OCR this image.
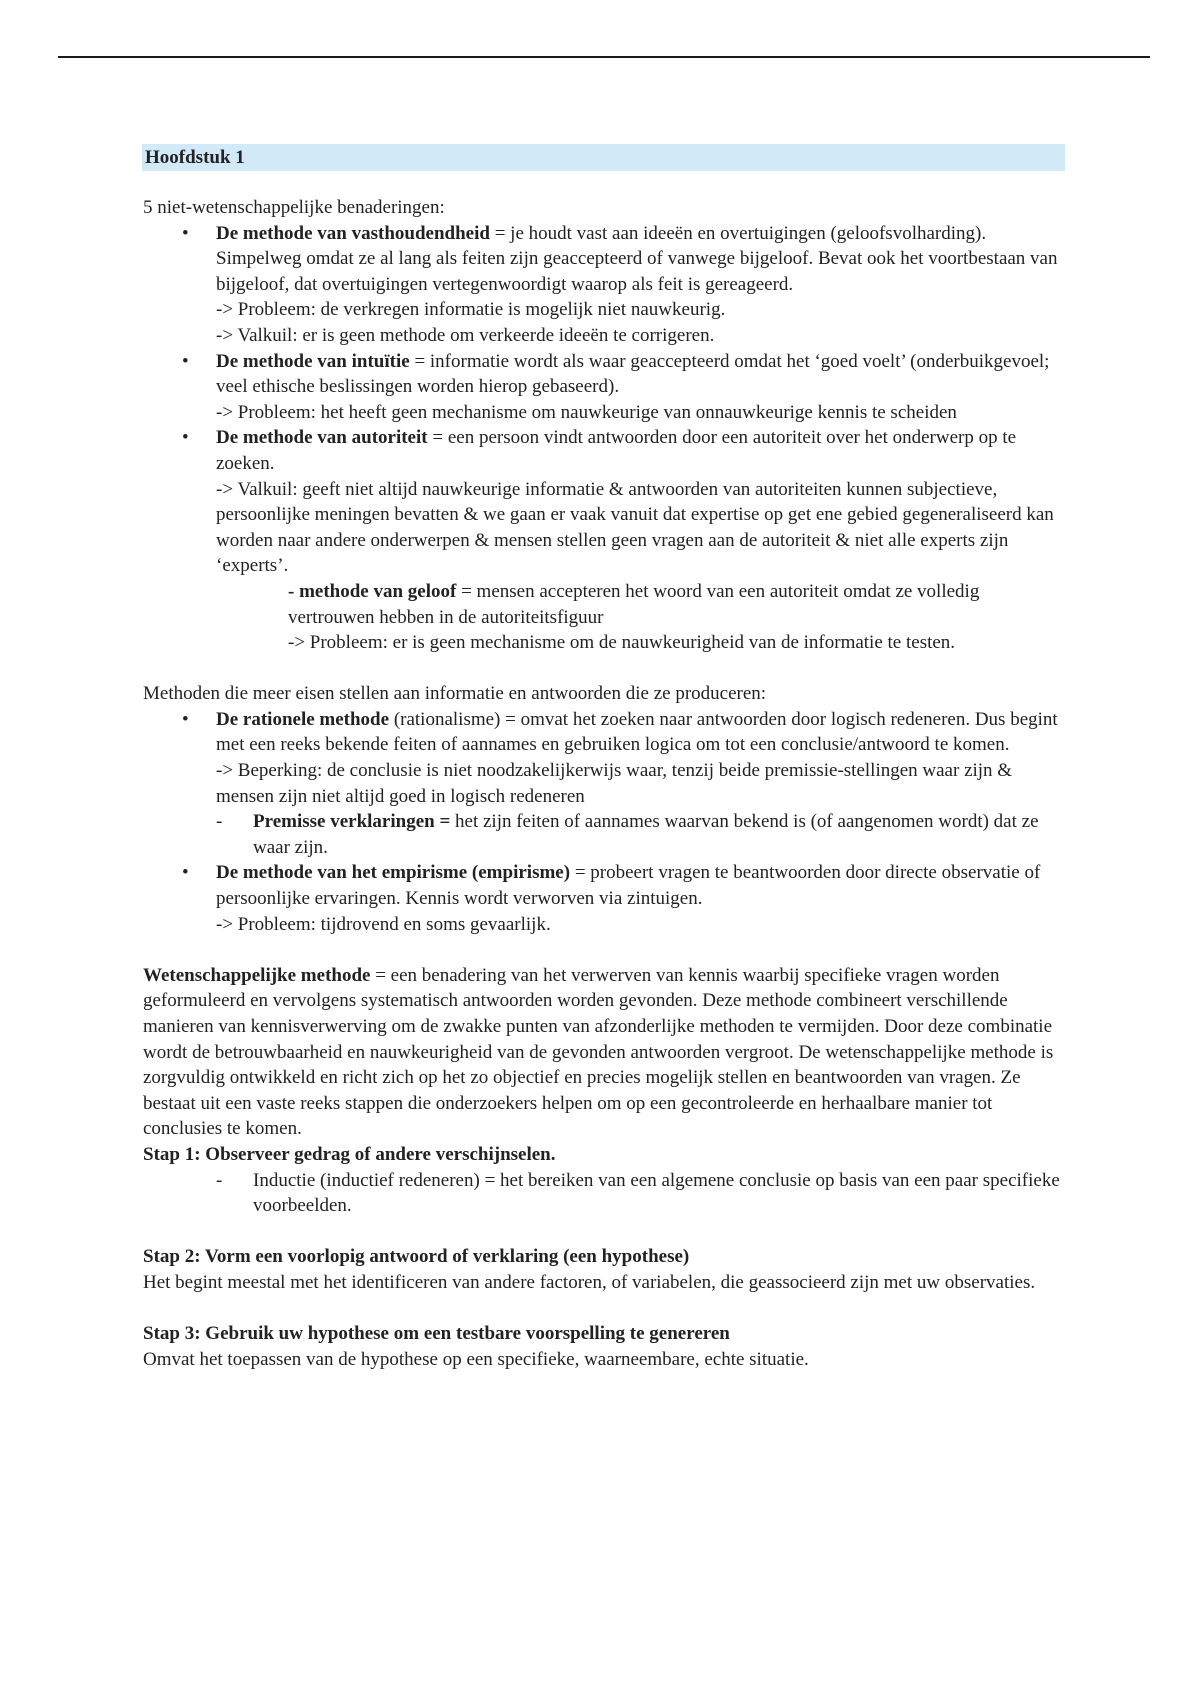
Hoofdstuk 1

5 niet-wetenschappelijke benaderingen:

• De methode van vasthoudendheid = je houdt vast aan ideeën en overtuigingen (geloofsvolharding). Simpelweg omdat ze al lang als feiten zijn geaccepteerd of vanwege bijgeloof. Bevat ook het voortbestaan van bijgeloof, dat overtuigingen vertegenwoordigt waarop als feit is gereageerd.

-> Probleem: de verkregen informatie is mogelijk niet nauwkeurig.

-> Valkuil: er is geen methode om verkeerde ideeën te corrigeren.

• De methode van intuïtie = informatie wordt als waar geaccepteerd omdat het ‘goed voelt’ (onderbuikgevoel; veel ethische beslissingen worden hierop gebaseerd).

-> Probleem: het heeft geen mechanisme om nauwkeurige van onnauwkeurige kennis te scheiden

• De methode van autoriteit = een persoon vindt antwoorden door een autoriteit over het onderwerp op te zoeken.

-> Valkuil: geeft niet altijd nauwkeurige informatie & antwoorden van autoriteiten kunnen subjectieve, persoonlijke meningen bevatten & we gaan er vaak vanuit dat expertise op get ene gebied gegeneraliseerd kan worden naar andere onderwerpen & mensen stellen geen vragen aan de autoriteit & niet alle experts zijn ‘experts’.

- methode van geloof = mensen accepteren het woord van een autoriteit omdat ze volledig vertrouwen hebben in de autoriteitsfiguur

-> Probleem: er is geen mechanisme om de nauwkeurigheid van de informatie te testen.

Methoden die meer eisen stellen aan informatie en antwoorden die ze produceren:

• De rationele methode (rationalisme) = omvat het zoeken naar antwoorden door logisch redeneren. Dus begint met een reeks bekende feiten of aannames en gebruiken logica om tot een conclusie/antwoord te komen.

-> Beperking: de conclusie is niet noodzakelijkerwijs waar, tenzij beide premissie-stellingen waar zijn & mensen zijn niet altijd goed in logisch redeneren

- Premisse verklaringen = het zijn feiten of aannames waarvan bekend is (of aangenomen wordt) dat ze waar zijn.
• De methode van het empirisme (empirisme) = probeert vragen te beantwoorden door directe observatie of persoonlijke ervaringen. Kennis wordt verworven via zintuigen.

-> Probleem: tijdrovend en soms gevaarlijk.

Wetenschappelijke methode = een benadering van het verwerven van kennis waarbij specifieke vragen worden geformuleerd en vervolgens systematisch antwoorden worden gevonden. Deze methode combineert verschillende manieren van kennisverwerving om de zwakke punten van afzonderlijke methoden te vermijden. Door deze combinatie wordt de betrouwbaarheid en nauwkeurigheid van de gevonden antwoorden vergroot. De wetenschappelijke methode is zorgvuldig ontwikkeld en richt zich op het zo objectief en precies mogelijk stellen en beantwoorden van vragen. Ze bestaat uit een vaste reeks stappen die onderzoekers helpen om op een gecontroleerde en herhaalbare manier tot conclusies te komen.

Stap 1: Observeer gedrag of andere verschijnselen.

- Inductie (inductief redeneren) = het bereiken van een algemene conclusie op basis van een paar specifieke voorbeelden.

Stap 2: Vorm een voorlopig antwoord of verklaring (een hypothese)

Het begint meestal met het identificeren van andere factoren, of variabelen, die geassocieerd zijn met uw observaties.

Stap 3: Gebruik uw hypothese om een testbare voorspelling te genereren

Omvat het toepassen van de hypothese op een specifieke, waarneembare, echte situatie.
